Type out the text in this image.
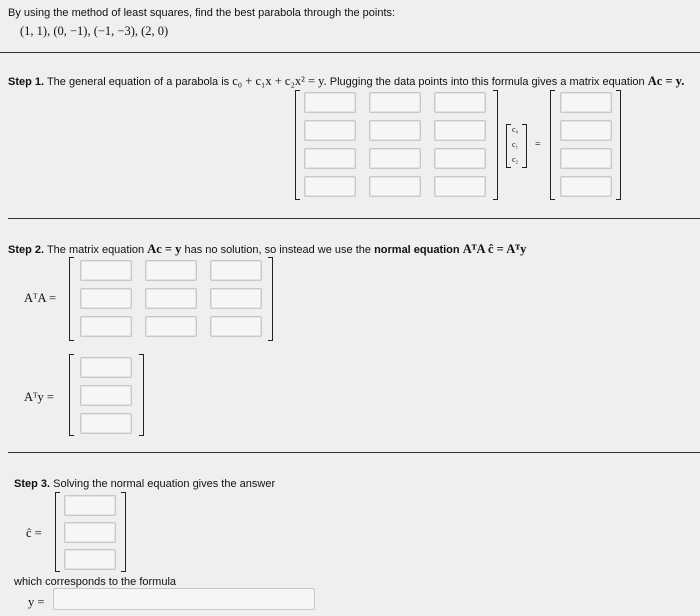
By using the method of least squares, find the best parabola through the points:
(1, 1), (0, −1), (−1, −3), (2, 0)
Step 1. The general equation of a parabola is c₀ + c₁x + c₂x² = y. Plugging the data points into this formula gives a matrix equation Ac = y.
c₀
c₁
c₂
=
Step 2. The matrix equation Ac = y has no solution, so instead we use the normal equation AᵀA ĉ = Aᵀy
AᵀA =
Aᵀy =
Step 3. Solving the normal equation gives the answer
ĉ =
which corresponds to the formula
y =
